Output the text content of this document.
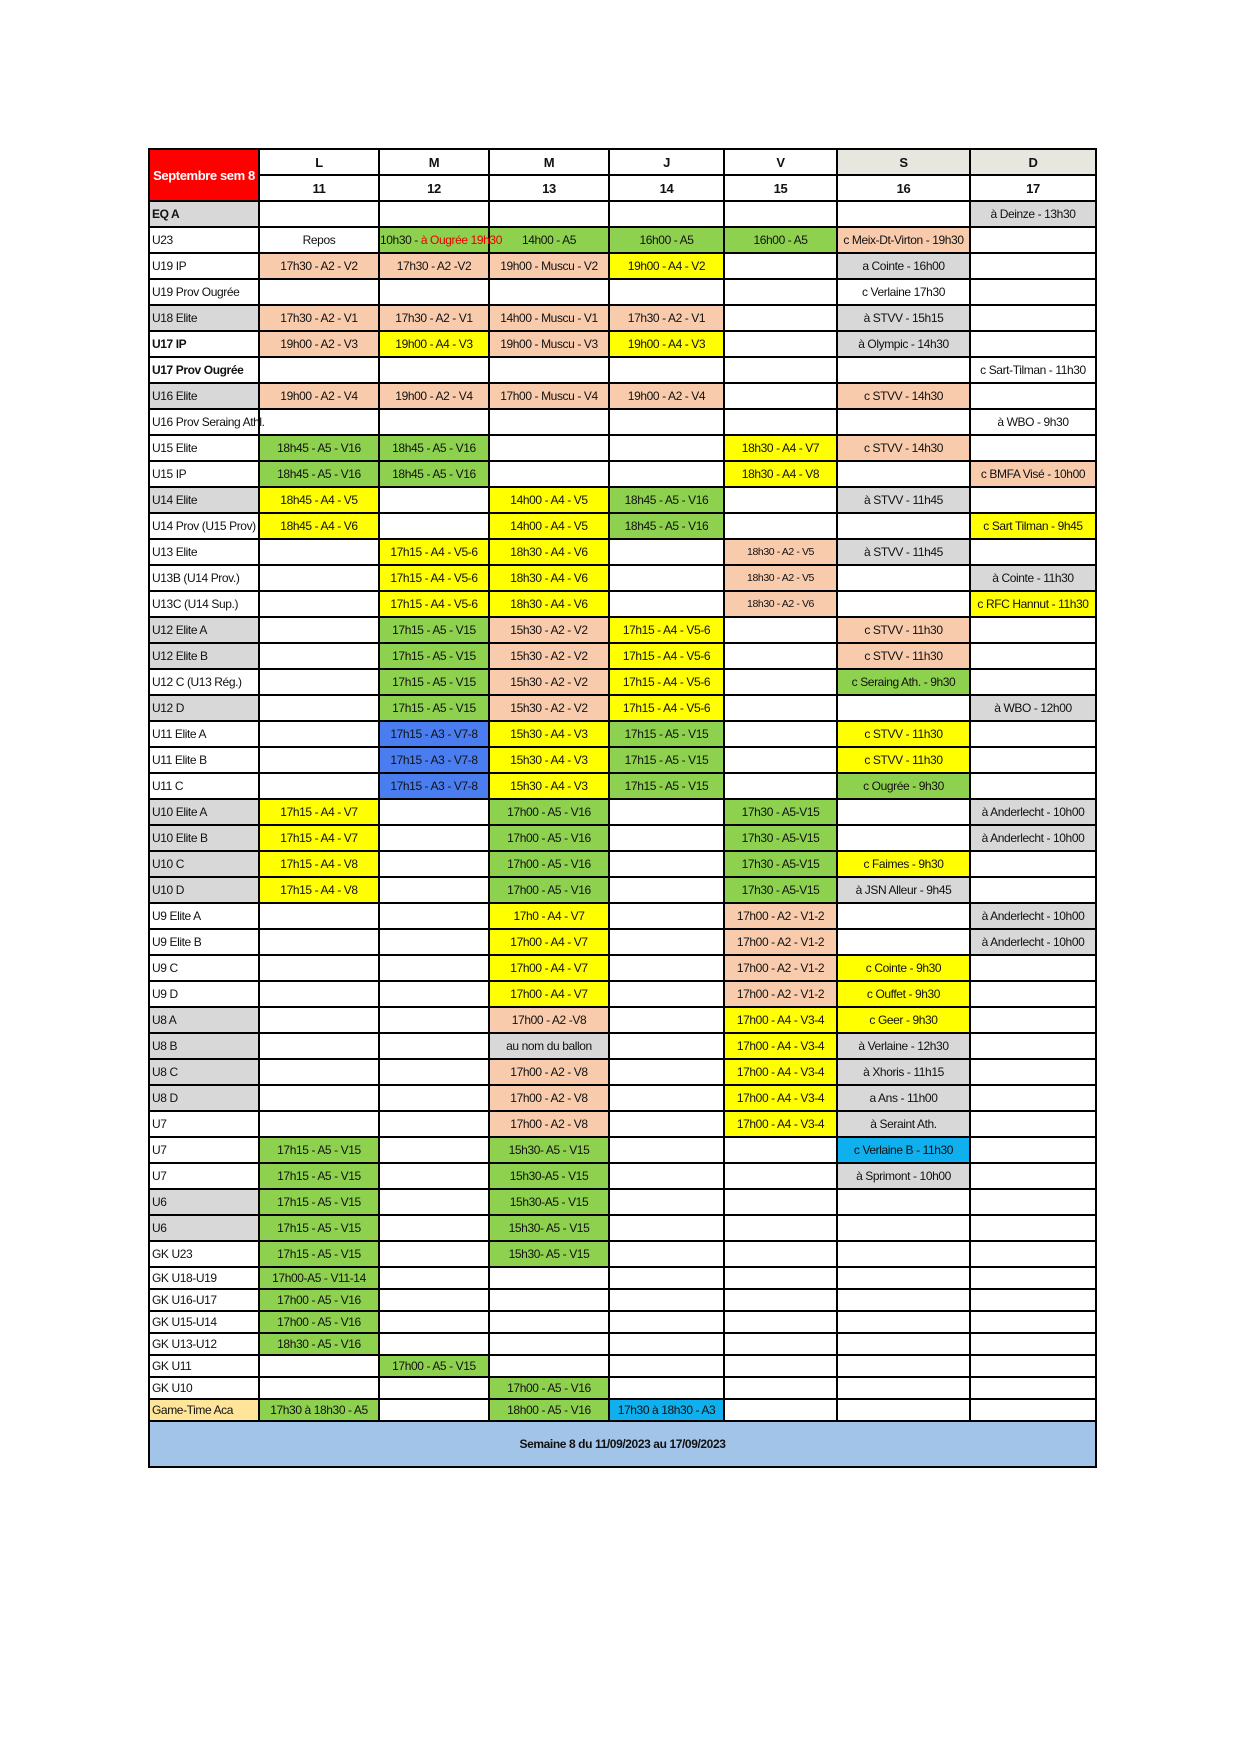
Septembre sem 8	L	M	M	J	V	S	D
	11	12	13	14	15	16	17
EQ A							à Deinze - 13h30
U23	Repos	10h30 - à Ougrée 19h30	14h00 - A5	16h00 - A5	16h00 - A5	c Meix-Dt-Virton - 19h30	
U19 IP	17h30 - A2 - V2	17h30 - A2 -V2	19h00 - Muscu - V2	19h00 - A4 - V2		a Cointe - 16h00	
U19 Prov Ougrée						c Verlaine 17h30	
U18 Elite	17h30 - A2 - V1	17h30 - A2 - V1	14h00 - Muscu - V1	17h30 - A2 - V1		à STVV - 15h15	
U17 IP	19h00 - A2 - V3	19h00 - A4 - V3	19h00 - Muscu - V3	19h00 - A4 - V3		à Olympic - 14h30	
U17 Prov Ougrée							c Sart-Tilman - 11h30
U16 Elite	19h00 - A2 - V4	19h00 - A2 - V4	17h00 - Muscu - V4	19h00 - A2 - V4		c STVV - 14h30	
U16 Prov Seraing Athl.							à WBO - 9h30
U15 Elite	18h45 - A5 - V16	18h45 - A5 - V16			18h30 - A4 - V7	c STVV - 14h30	
U15 IP	18h45 - A5 - V16	18h45 - A5 - V16			18h30 - A4 - V8		c BMFA Visé - 10h00
U14 Elite	18h45 - A4 - V5		14h00 - A4 - V5	18h45 - A5 - V16		à STVV - 11h45	
U14 Prov (U15 Prov)	18h45 - A4 - V6		14h00 - A4 - V5	18h45 - A5 - V16			c Sart Tilman - 9h45
U13 Elite		17h15 - A4 - V5-6	18h30 - A4 - V6		18h30 - A2 - V5	à STVV - 11h45	
U13B (U14 Prov.)		17h15 - A4 - V5-6	18h30 - A4 - V6		18h30 - A2 - V5		à Cointe - 11h30
U13C (U14 Sup.)		17h15 - A4 - V5-6	18h30 - A4 - V6		18h30 - A2 - V6		c RFC Hannut - 11h30
U12 Elite A		17h15 - A5 - V15	15h30 - A2 - V2	17h15 - A4 - V5-6		c STVV - 11h30	
U12 Elite B		17h15 - A5 - V15	15h30 - A2 - V2	17h15 - A4 - V5-6		c STVV - 11h30	
U12 C (U13 Rég.)		17h15 - A5 - V15	15h30 - A2 - V2	17h15 - A4 - V5-6		c Seraing Ath. - 9h30	
U12 D		17h15 - A5 - V15	15h30 - A2 - V2	17h15 - A4 - V5-6			à WBO - 12h00
U11 Elite A		17h15 - A3 - V7-8	15h30 - A4 - V3	17h15 - A5 - V15		c STVV - 11h30	
U11 Elite B		17h15 - A3 - V7-8	15h30 - A4 - V3	17h15 - A5 - V15		c STVV - 11h30	
U11 C		17h15 - A3 - V7-8	15h30 - A4 - V3	17h15 - A5 - V15		c Ougrée - 9h30	
U10 Elite A	17h15 - A4 - V7		17h00 - A5 - V16		17h30 - A5-V15		à Anderlecht - 10h00
U10 Elite B	17h15 - A4 - V7		17h00 - A5 - V16		17h30 - A5-V15		à Anderlecht - 10h00
U10 C	17h15 - A4 - V8		17h00 - A5 - V16		17h30 - A5-V15	c Faimes - 9h30	
U10 D	17h15 - A4 - V8		17h00 - A5 - V16		17h30 - A5-V15	à JSN Alleur - 9h45	
U9 Elite A			17h0 - A4 - V7		17h00 - A2 - V1-2		à Anderlecht - 10h00
U9 Elite B			17h00 - A4 - V7		17h00 - A2 - V1-2		à Anderlecht - 10h00
U9 C			17h00 - A4 - V7		17h00 - A2 - V1-2	c Cointe - 9h30	
U9 D			17h00 - A4 - V7		17h00 - A2 - V1-2	c Ouffet - 9h30	
U8 A			17h00 - A2 -V8		17h00 - A4 - V3-4	c Geer - 9h30	
U8 B			au nom du ballon		17h00 - A4 - V3-4	à Verlaine - 12h30	
U8 C			17h00 - A2 - V8		17h00 - A4 - V3-4	à Xhoris - 11h15	
U8 D			17h00 - A2 - V8		17h00 - A4 - V3-4	a Ans - 11h00	
U7			17h00 - A2 - V8		17h00 - A4 - V3-4	à Seraint Ath.	
U7	17h15 - A5 - V15		15h30- A5 - V15			c Verlaine B - 11h30	
U7	17h15 - A5 - V15		15h30-A5 - V15			à Sprimont - 10h00	
U6	17h15 - A5 - V15		15h30-A5 - V15				
U6	17h15 - A5 - V15		15h30- A5 - V15				
GK U23	17h15 - A5 - V15		15h30- A5 - V15				
GK U18-U19	17h00-A5 - V11-14						
GK U16-U17	17h00 - A5 - V16						
GK U15-U14	17h00 - A5 - V16						
GK U13-U12	18h30 - A5 - V16						
GK U11		17h00 - A5 - V15					
GK U10			17h00 - A5 - V16				
Game-Time Aca	17h30 à 18h30 - A5		18h00 - A5 - V16	17h30 à 18h30 - A3			
Semaine 8 du 11/09/2023 au 17/09/2023							
